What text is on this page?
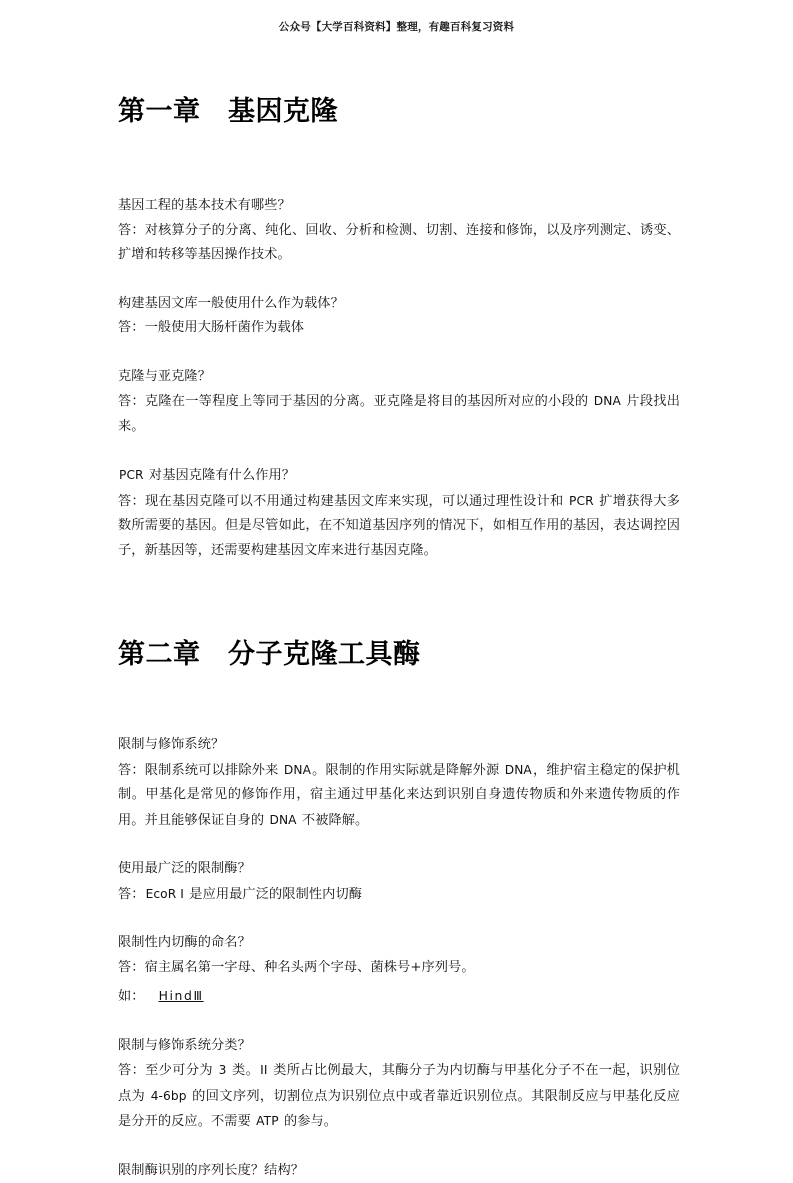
公众号【大学百科资料】整理，有趣百科复习资料
第一章　基因克隆

基因工程的基本技术有哪些？

答：对核算分子的分离、纯化、回收、分析和检测、切割、连接和修饰，以及序列测定、诱变、扩增和转移等基因操作技术。

构建基因文库一般使用什么作为载体？

答：一般使用大肠杆菌作为载体

克隆与亚克隆？

答：克隆在一等程度上等同于基因的分离。亚克隆是将目的基因所对应的小段的 DNA 片段找出来。

PCR 对基因克隆有什么作用？

答：现在基因克隆可以不用通过构建基因文库来实现，可以通过理性设计和 PCR 扩增获得大多数所需要的基因。但是尽管如此，在不知道基因序列的情况下，如相互作用的基因，表达调控因子，新基因等，还需要构建基因文库来进行基因克隆。

第二章　分子克隆工具酶

限制与修饰系统？

答：限制系统可以排除外来 DNA。限制的作用实际就是降解外源 DNA，维护宿主稳定的保护机制。甲基化是常见的修饰作用，宿主通过甲基化来达到识别自身遗传物质和外来遗传物质的作用。并且能够保证自身的 DNA 不被降解。

使用最广泛的限制酶？

答：EcoR I 是应用最广泛的限制性内切酶

限制性内切酶的命名？

答：宿主属名第一字母、种名头两个字母、菌株号+序列号。

如： HindⅢ

限制与修饰系统分类？

答：至少可分为 3 类。II 类所占比例最大，其酶分子为内切酶与甲基化分子不在一起，识别位点为 4-6bp 的回文序列，切割位点为识别位点中或者靠近识别位点。其限制反应与甲基化反应是分开的反应。不需要 ATP 的参与。

限制酶识别的序列长度？结构？
